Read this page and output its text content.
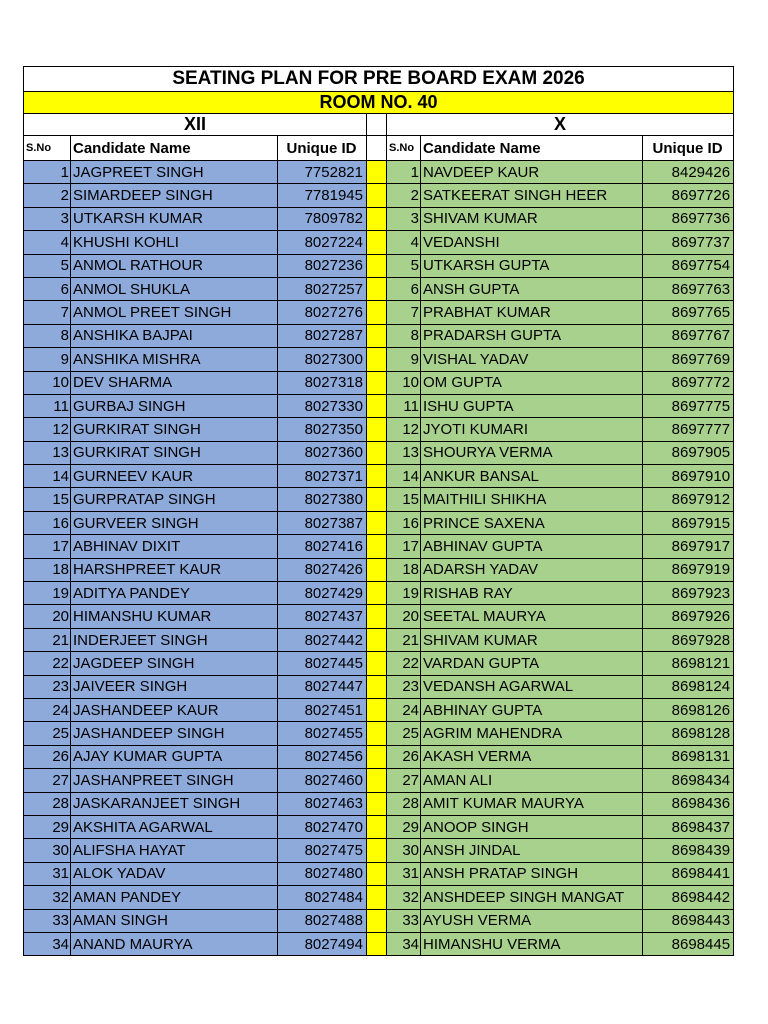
SEATING PLAN FOR PRE BOARD EXAM 2026						
ROOM NO. 40						
XII				X		
S.No	Candidate Name	Unique ID		S.No	Candidate Name	Unique ID
1	JAGPREET SINGH	7752821		1	NAVDEEP KAUR	8429426
2	SIMARDEEP SINGH	7781945		2	SATKEERAT SINGH HEER	8697726
3	UTKARSH KUMAR	7809782		3	SHIVAM KUMAR	8697736
4	KHUSHI KOHLI	8027224		4	VEDANSHI	8697737
5	ANMOL RATHOUR	8027236		5	UTKARSH GUPTA	8697754
6	ANMOL SHUKLA	8027257		6	ANSH GUPTA	8697763
7	ANMOL PREET SINGH	8027276		7	PRABHAT KUMAR	8697765
8	ANSHIKA BAJPAI	8027287		8	PRADARSH GUPTA	8697767
9	ANSHIKA MISHRA	8027300		9	VISHAL YADAV	8697769
10	DEV SHARMA	8027318		10	OM GUPTA	8697772
11	GURBAJ SINGH	8027330		11	ISHU GUPTA	8697775
12	GURKIRAT SINGH	8027350		12	JYOTI KUMARI	8697777
13	GURKIRAT SINGH	8027360		13	SHOURYA VERMA	8697905
14	GURNEEV KAUR	8027371		14	ANKUR BANSAL	8697910
15	GURPRATAP SINGH	8027380		15	MAITHILI SHIKHA	8697912
16	GURVEER SINGH	8027387		16	PRINCE SAXENA	8697915
17	ABHINAV DIXIT	8027416		17	ABHINAV GUPTA	8697917
18	HARSHPREET KAUR	8027426		18	ADARSH YADAV	8697919
19	ADITYA PANDEY	8027429		19	RISHAB RAY	8697923
20	HIMANSHU KUMAR	8027437		20	SEETAL MAURYA	8697926
21	INDERJEET SINGH	8027442		21	SHIVAM KUMAR	8697928
22	JAGDEEP SINGH	8027445		22	VARDAN GUPTA	8698121
23	JAIVEER SINGH	8027447		23	VEDANSH AGARWAL	8698124
24	JASHANDEEP KAUR	8027451		24	ABHINAY GUPTA	8698126
25	JASHANDEEP SINGH	8027455		25	AGRIM MAHENDRA	8698128
26	AJAY KUMAR GUPTA	8027456		26	AKASH VERMA	8698131
27	JASHANPREET SINGH	8027460		27	AMAN ALI	8698434
28	JASKARANJEET SINGH	8027463		28	AMIT KUMAR MAURYA	8698436
29	AKSHITA AGARWAL	8027470		29	ANOOP SINGH	8698437
30	ALIFSHA HAYAT	8027475		30	ANSH JINDAL	8698439
31	ALOK YADAV	8027480		31	ANSH PRATAP SINGH	8698441
32	AMAN PANDEY	8027484		32	ANSHDEEP SINGH MANGAT	8698442
33	AMAN SINGH	8027488		33	AYUSH VERMA	8698443
34	ANAND MAURYA	8027494		34	HIMANSHU VERMA	8698445
